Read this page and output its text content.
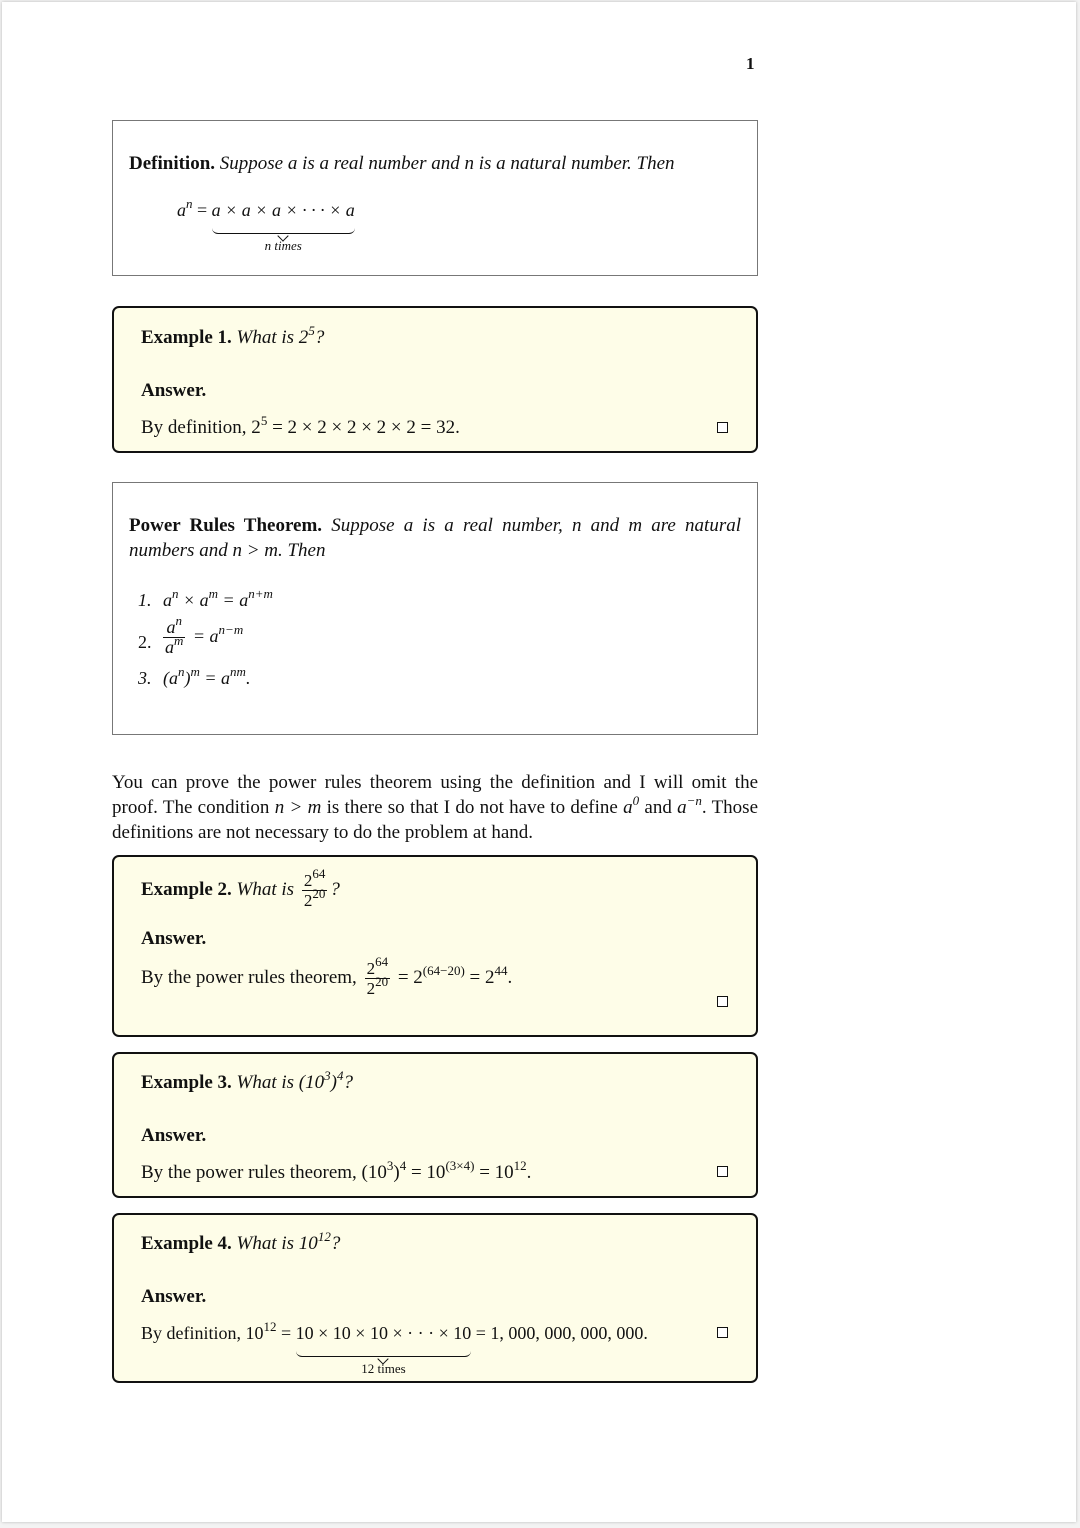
1
Definition. Suppose a is a real number and n is a natural number. Then
$a^n = a \times a \times a$ × · · · × a
n times
Example 1. What is $2^5$?
Answer.
By definition, $2^5 = 2 \times 2 \times 2 \times 2 \times 2 = 32$.
Power Rules Theorem. Suppose a is a real number, n and m are natural numbers and n > m. Then
1. $a^n \times a^m = a^{n+m}$
2. $\frac{a^n}{a^m} = a^{n-m}$
3. $(a^n)^m = a^{nm}$.
You can prove the power rules theorem using the definition and I will omit the proof. The condition n > m is there so that I do not have to define $a^0$ and $a^{-n}$. Those definitions are not necessary to do the problem at hand.
Example 2. What is $\frac{2^{64}}{2^{20}}$ ?
Answer.
By the power rules theorem, $\frac{2^{64}}{2^{20}} = 2^{(64-20)} = 2^{44}$.
Example 3. What is $(10^3)^4$?
Answer.
By the power rules theorem, $(10^3)^4 = 10^{(3\times 4)} = 10^{12}$.
Example 4. What is $10^{12}$?
Answer.
By definition, $10^{12} = 10 \times 10 \times 10$ × · · · × 10
12 times
= 1, 000, 000, 000, 000.
